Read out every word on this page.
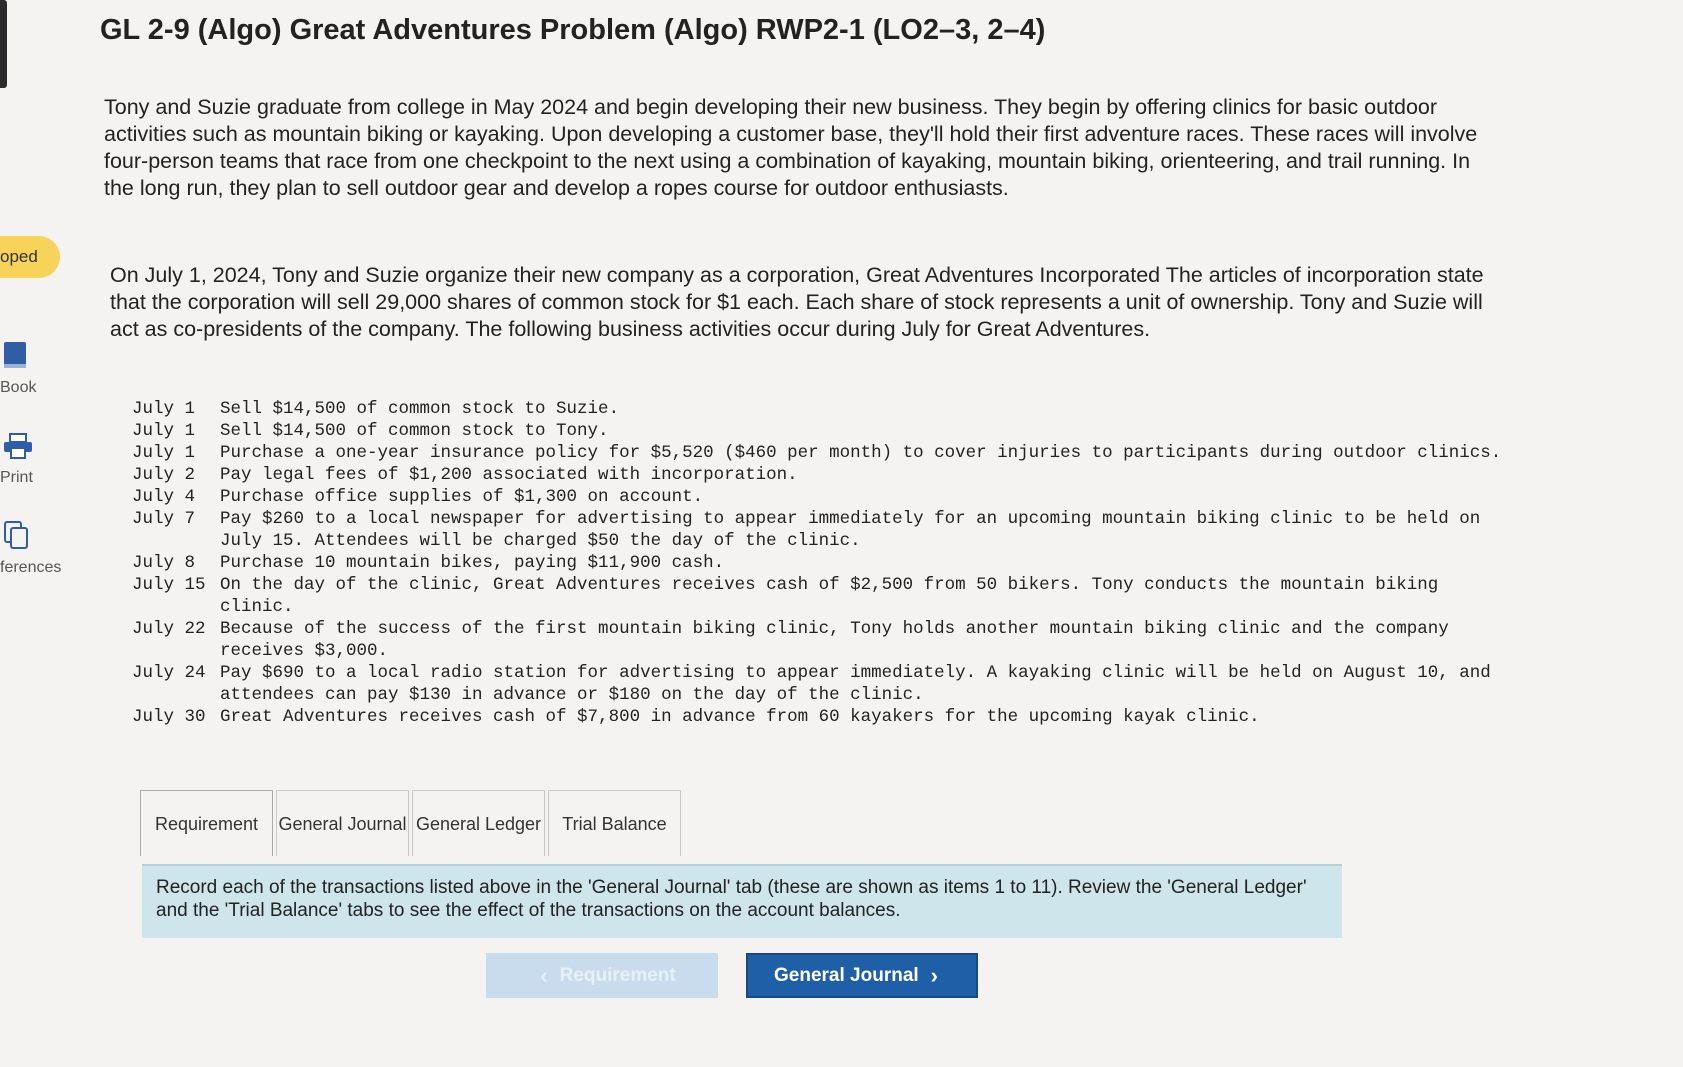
oped
Book
Print
ferences
GL 2-9 (Algo) Great Adventures Problem (Algo) RWP2-1 (LO2–3, 2–4)

Tony and Suzie graduate from college in May 2024 and begin developing their new business. They begin by offering clinics for basic outdoor activities such as mountain biking or kayaking. Upon developing a customer base, they'll hold their first adventure races. These races will involve four-person teams that race from one checkpoint to the next using a combination of kayaking, mountain biking, orienteering, and trail running. In the long run, they plan to sell outdoor gear and develop a ropes course for outdoor enthusiasts.

On July 1, 2024, Tony and Suzie organize their new company as a corporation, Great Adventures Incorporated The articles of incorporation state that the corporation will sell 29,000 shares of common stock for $1 each. Each share of stock represents a unit of ownership. Tony and Suzie will act as co-presidents of the company. The following business activities occur during July for Great Adventures.

July 1	Sell $14,500 of common stock to Suzie.
July 1	Sell $14,500 of common stock to Tony.
July 1	Purchase a one-year insurance policy for $5,520 ($460 per month) to cover injuries to participants during outdoor clinics.
July 2	Pay legal fees of $1,200 associated with incorporation.
July 4	Purchase office supplies of $1,300 on account.
July 7	Pay $260 to a local newspaper for advertising to appear immediately for an upcoming mountain biking clinic to be held on July 15. Attendees will be charged $50 the day of the clinic.
July 8	Purchase 10 mountain bikes, paying $11,900 cash.
July 15 On the day of the clinic, Great Adventures receives cash of $2,500 from 50 bikers. Tony conducts the mountain biking clinic.
July 22 Because of the success of the first mountain biking clinic, Tony holds another mountain biking clinic and the company receives $3,000.
July 24 Pay $690 to a local radio station for advertising to appear immediately. A kayaking clinic will be held on August 10, and attendees can pay $130 in advance or $180 on the day of the clinic.
July 30 Great Adventures receives cash of $7,800 in advance from 60 kayakers for the upcoming kayak clinic.
Requirement	General Journal General Ledger	Trial Balance
Record each of the transactions listed above in the 'General Journal' tab (these are shown as items 1 to 11). Review the 'General Ledger' and the 'Trial Balance' tabs to see the effect of the transactions on the account balances.
‹ Requirement	General Journal ›
